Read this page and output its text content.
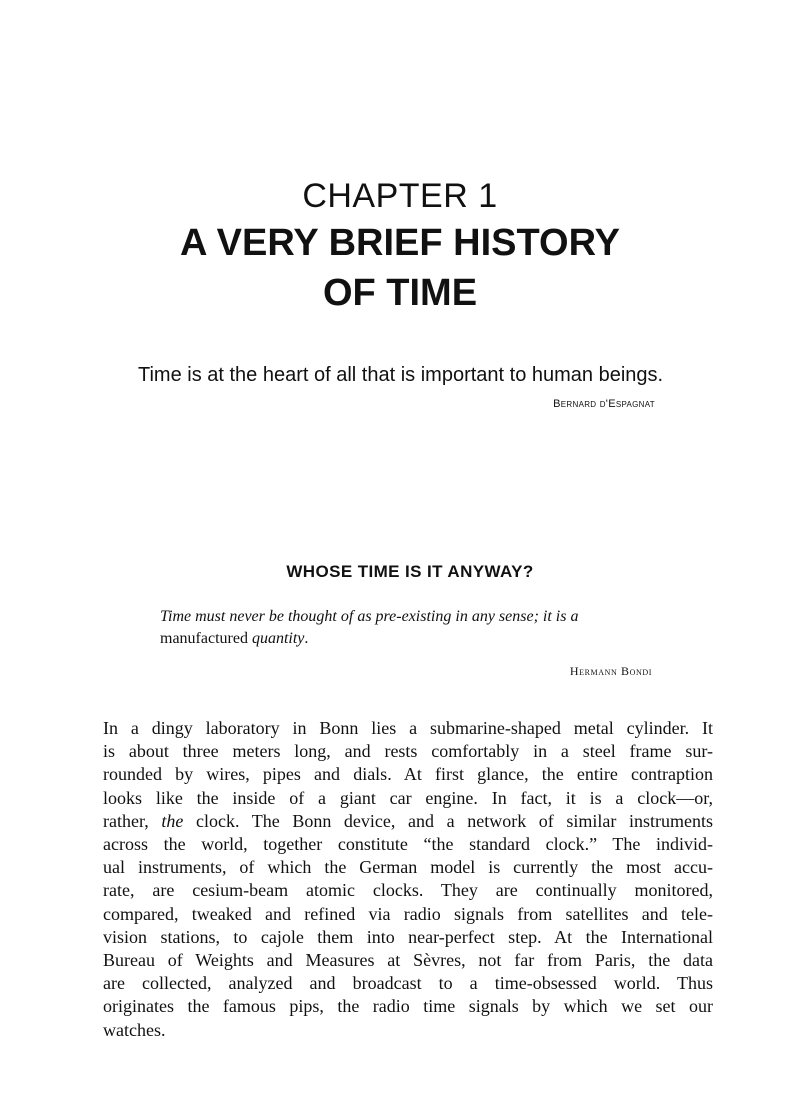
CHAPTER 1
A VERY BRIEF HISTORY
OF TIME

Time is at the heart of all that is important to human beings.

Bernard d'Espagnat

WHOSE TIME IS IT ANYWAY?

Time must never be thought of as pre-existing in any sense; it is a
manufactured quantity.

Hermann Bondi

In a dingy laboratory in Bonn lies a submarine-shaped metal cylinder. It
is about three meters long, and rests comfortably in a steel frame sur-
rounded by wires, pipes and dials. At first glance, the entire contraption
looks like the inside of a giant car engine. In fact, it is a clock—or,
rather, the clock. The Bonn device, and a network of similar instruments
across the world, together constitute “the standard clock.” The individ-
ual instruments, of which the German model is currently the most accu-
rate, are cesium-beam atomic clocks. They are continually monitored,
compared, tweaked and refined via radio signals from satellites and tele-
vision stations, to cajole them into near-perfect step. At the International
Bureau of Weights and Measures at Sèvres, not far from Paris, the data
are collected, analyzed and broadcast to a time-obsessed world. Thus
originates the famous pips, the radio time signals by which we set our
watches.
